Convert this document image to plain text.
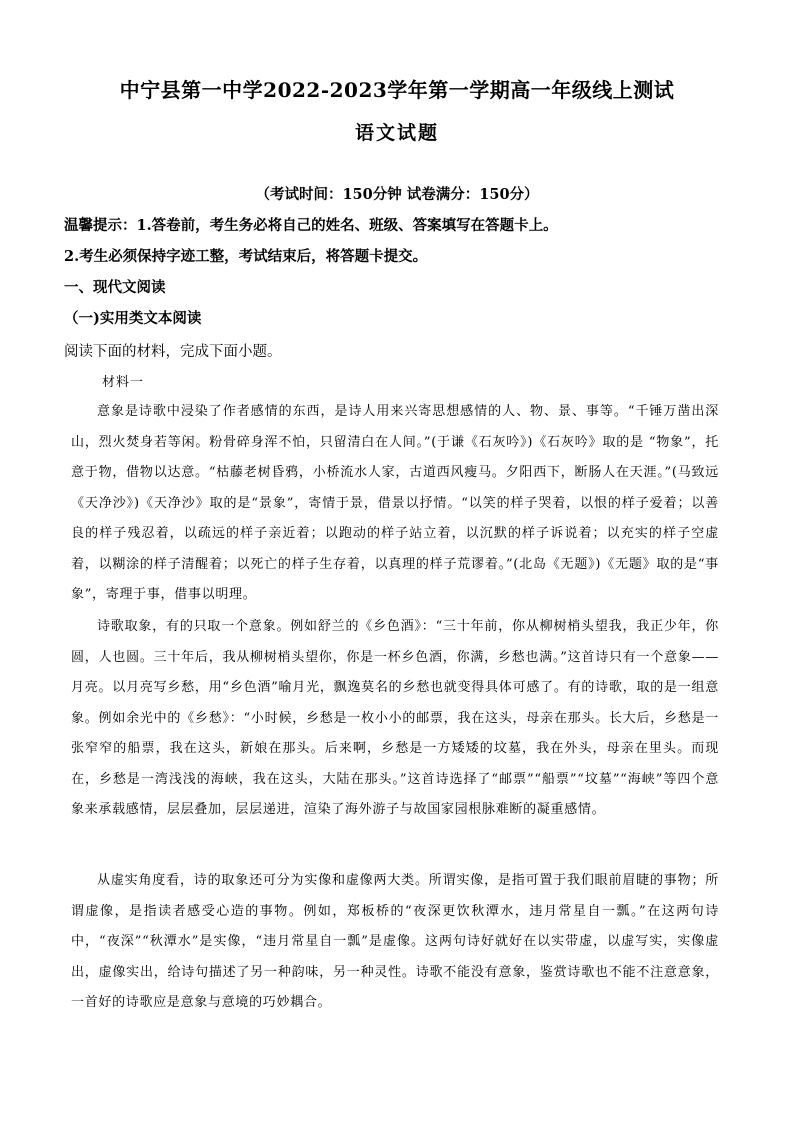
中宁县第一中学2022-2023学年第一学期高一年级线上测试
语文试题
（考试时间：150分钟 试卷满分：150分）
温馨提示：1.答卷前，考生务必将自己的姓名、班级、答案填写在答题卡上。
2.考生必须保持字迹工整，考试结束后，将答题卡提交。
一、现代文阅读
（一)实用类文本阅读
阅读下面的材料，完成下面小题。
材料一

意象是诗歌中浸染了作者感情的东西，是诗人用来兴寄思想感情的人、物、景、事等。“千锤万凿出深山，烈火焚身若等闲。粉骨碎身浑不怕，只留清白在人间。”(于谦《石灰吟》)《石灰吟》取的是 “物象”，托意于物，借物以达意。“枯藤老树昏鸦，小桥流水人家，古道西风瘦马。夕阳西下，断肠人在天涯。”(马致远《天净沙》)《天净沙》取的是“景象”，寄情于景，借景以抒情。“以笑的样子哭着，以恨的样子爱着；以善良的样子残忍着，以疏远的样子亲近着；以跑动的样子站立着，以沉默的样子诉说着；以充实的样子空虚着，以糊涂的样子清醒着；以死亡的样子生存着，以真理的样子荒谬着。”(北岛《无题》)《无题》取的是“事象”，寄理于事，借事以明理。

诗歌取象，有的只取一个意象。例如舒兰的《乡色酒》：“三十年前，你从柳树梢头望我，我正少年，你圆，人也圆。三十年后，我从柳树梢头望你，你是一杯乡色酒，你满，乡愁也满。”这首诗只有一个意象——月亮。以月亮写乡愁，用“乡色酒”喻月光，飘逸莫名的乡愁也就变得具体可感了。有的诗歌，取的是一组意象。例如余光中的《乡愁》：“小时候，乡愁是一枚小小的邮票，我在这头，母亲在那头。长大后，乡愁是一张窄窄的船票，我在这头，新娘在那头。后来啊，乡愁是一方矮矮的坟墓，我在外头，母亲在里头。而现在，乡愁是一湾浅浅的海峡，我在这头，大陆在那头。”这首诗选择了“邮票”“船票”“坟墓”“海峡”等四个意象来承载感情，层层叠加，层层递进，渲染了海外游子与故国家园根脉难断的凝重感情。

从虚实角度看，诗的取象还可分为实像和虚像两大类。所谓实像，是指可置于我们眼前眉睫的事物；所谓虚像，是指读者感受心造的事物。例如，郑板桥的“夜深更饮秋潭水，违月常星自一瓢。”在这两句诗中，“夜深”“秋潭水”是实像，“违月常星自一瓢”是虚像。这两句诗好就好在以实带虚，以虚写实，实像虚出，虚像实出，给诗句描述了另一种韵味，另一种灵性。诗歌不能没有意象，鉴赏诗歌也不能不注意意象，一首好的诗歌应是意象与意境的巧妙耦合。
